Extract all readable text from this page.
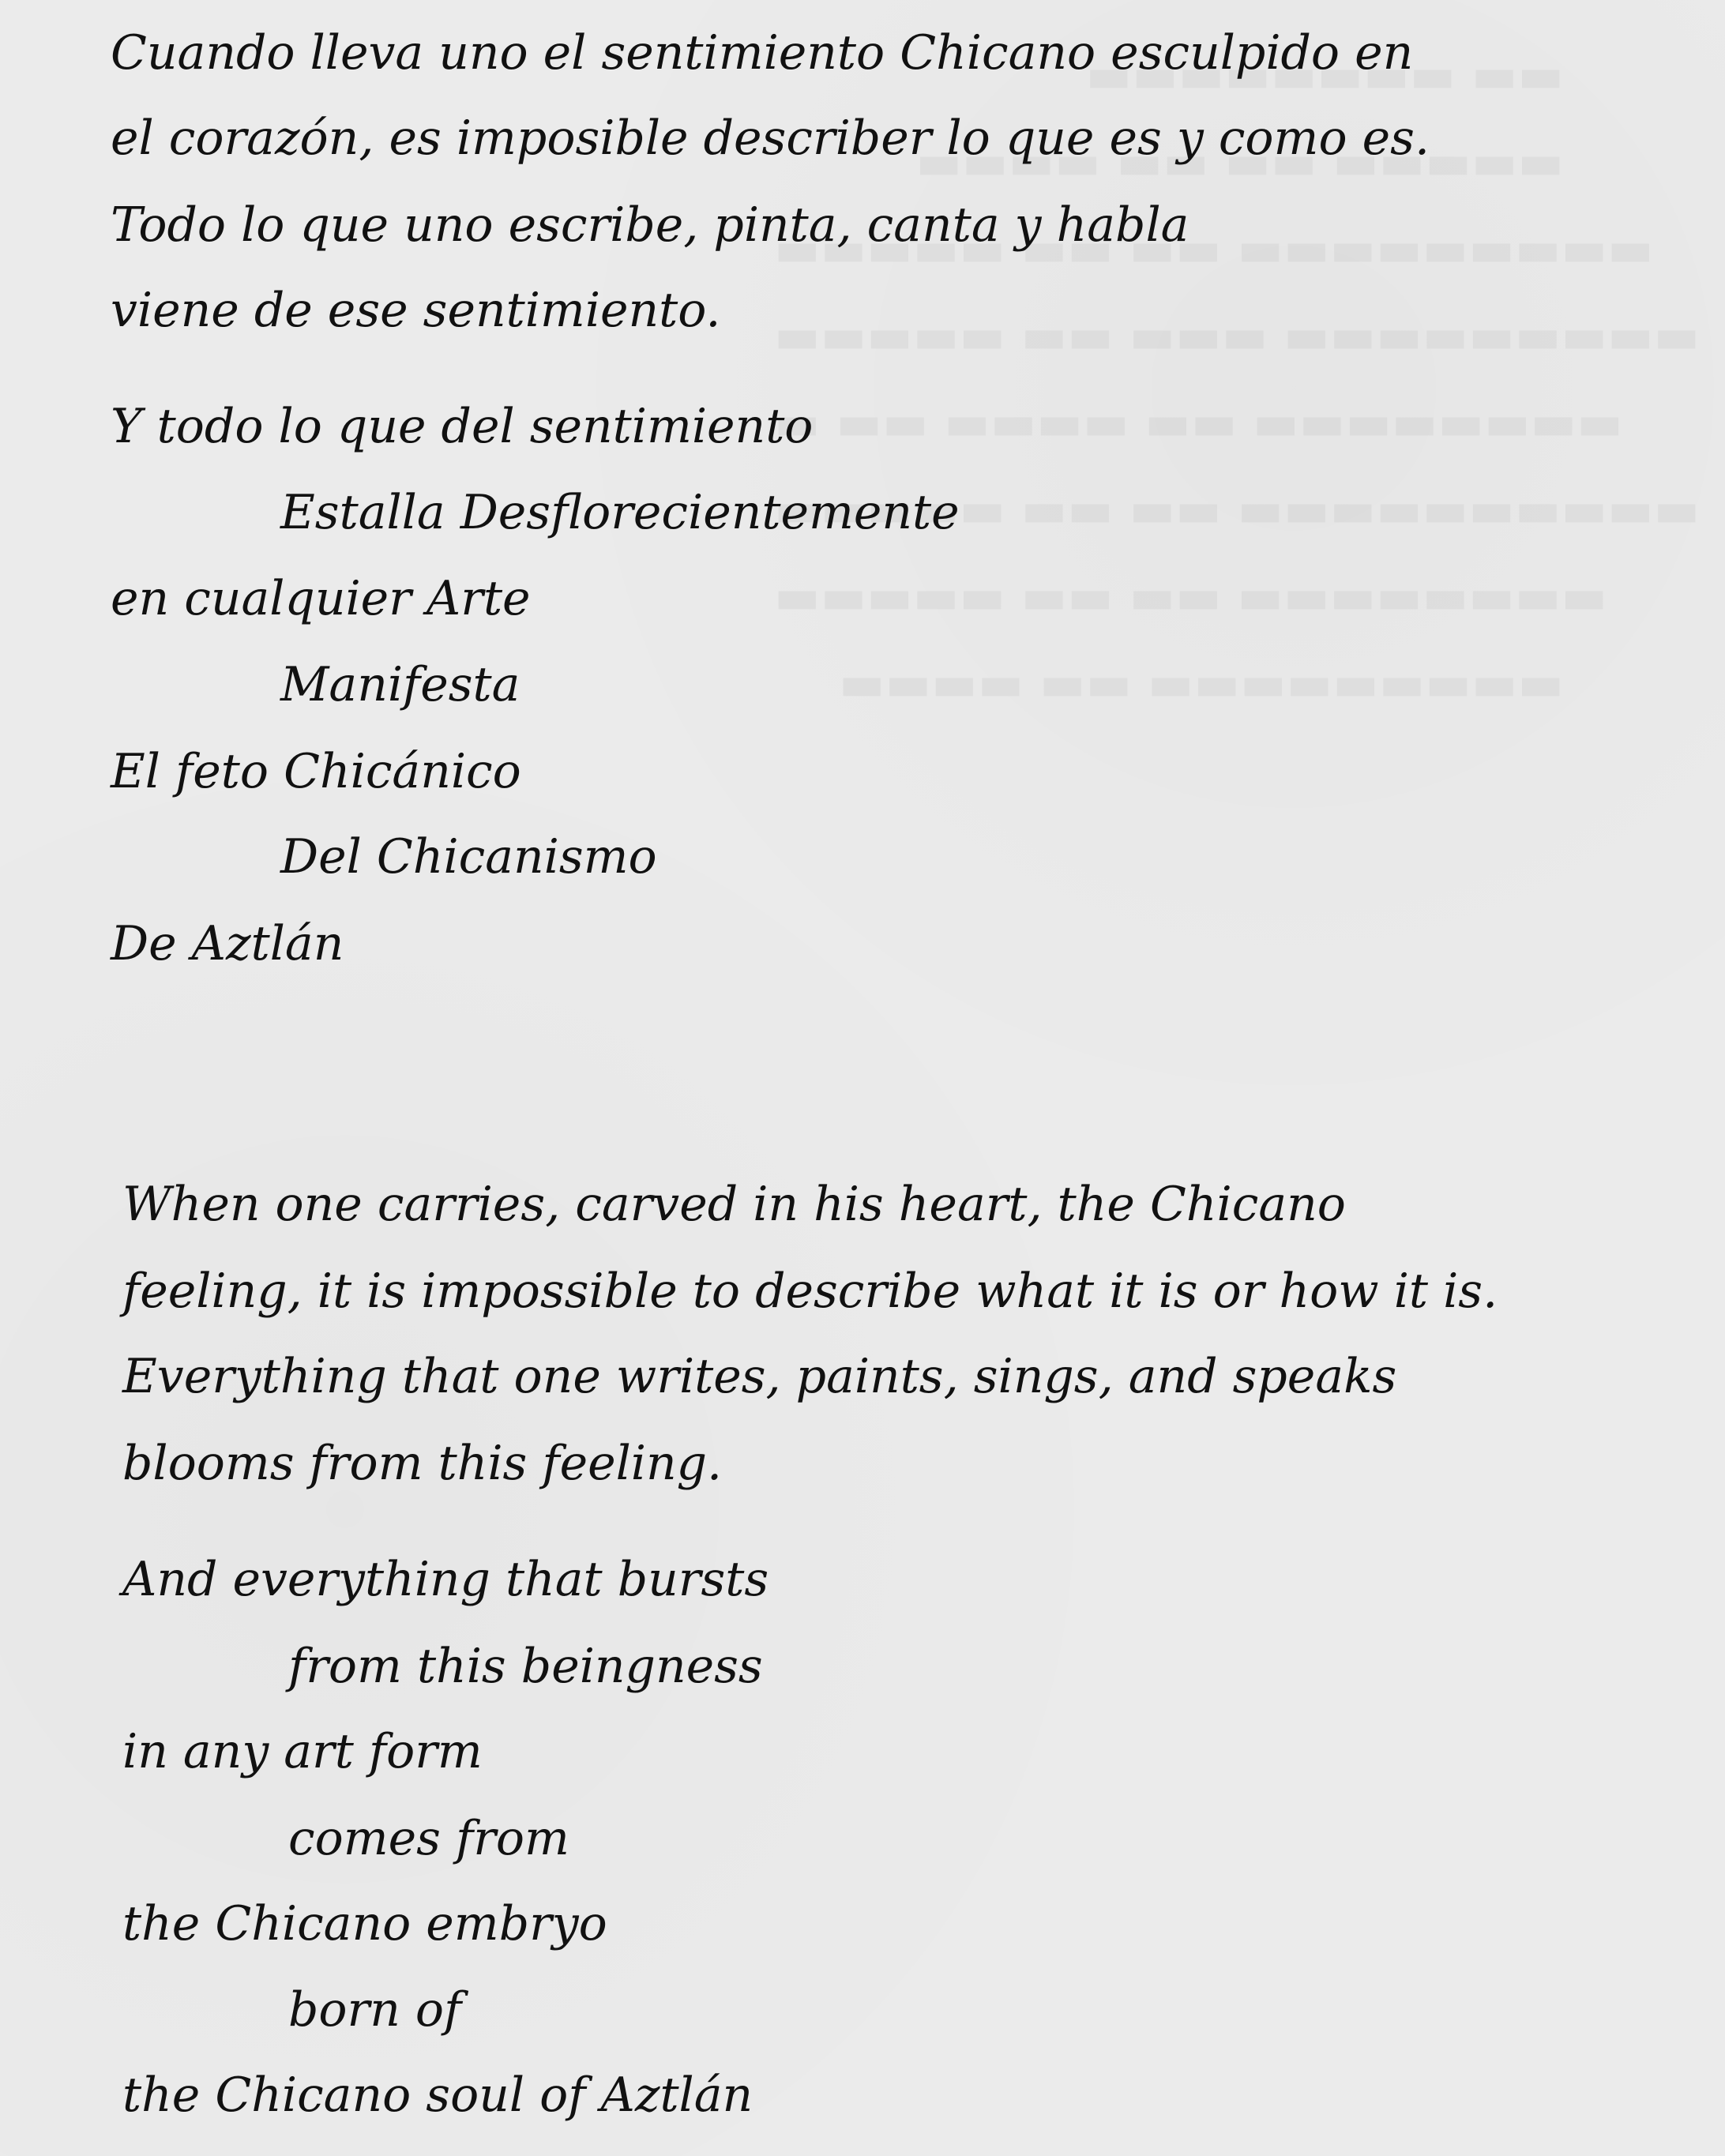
Cuando lleva uno el sentimiento Chicano esculpido en
el corazón, es imposible describer lo que es y como es.
Todo lo que uno escribe, pinta, canta y habla
viene de ese sentimiento.
Y todo lo que del sentimiento
Estalla Desflorecientemente
en cualquier Arte
Manifesta
El feto Chicánico
Del Chicanismo
De Aztlán
When one carries, carved in his heart, the Chicano
feeling, it is impossible to describe what it is or how it is.
Everything that one writes, paints, sings, and speaks
blooms from this feeling.
And everything that bursts
from this beingness
in any art form
comes from
the Chicano embryo
born of
the Chicano soul of Aztlán
